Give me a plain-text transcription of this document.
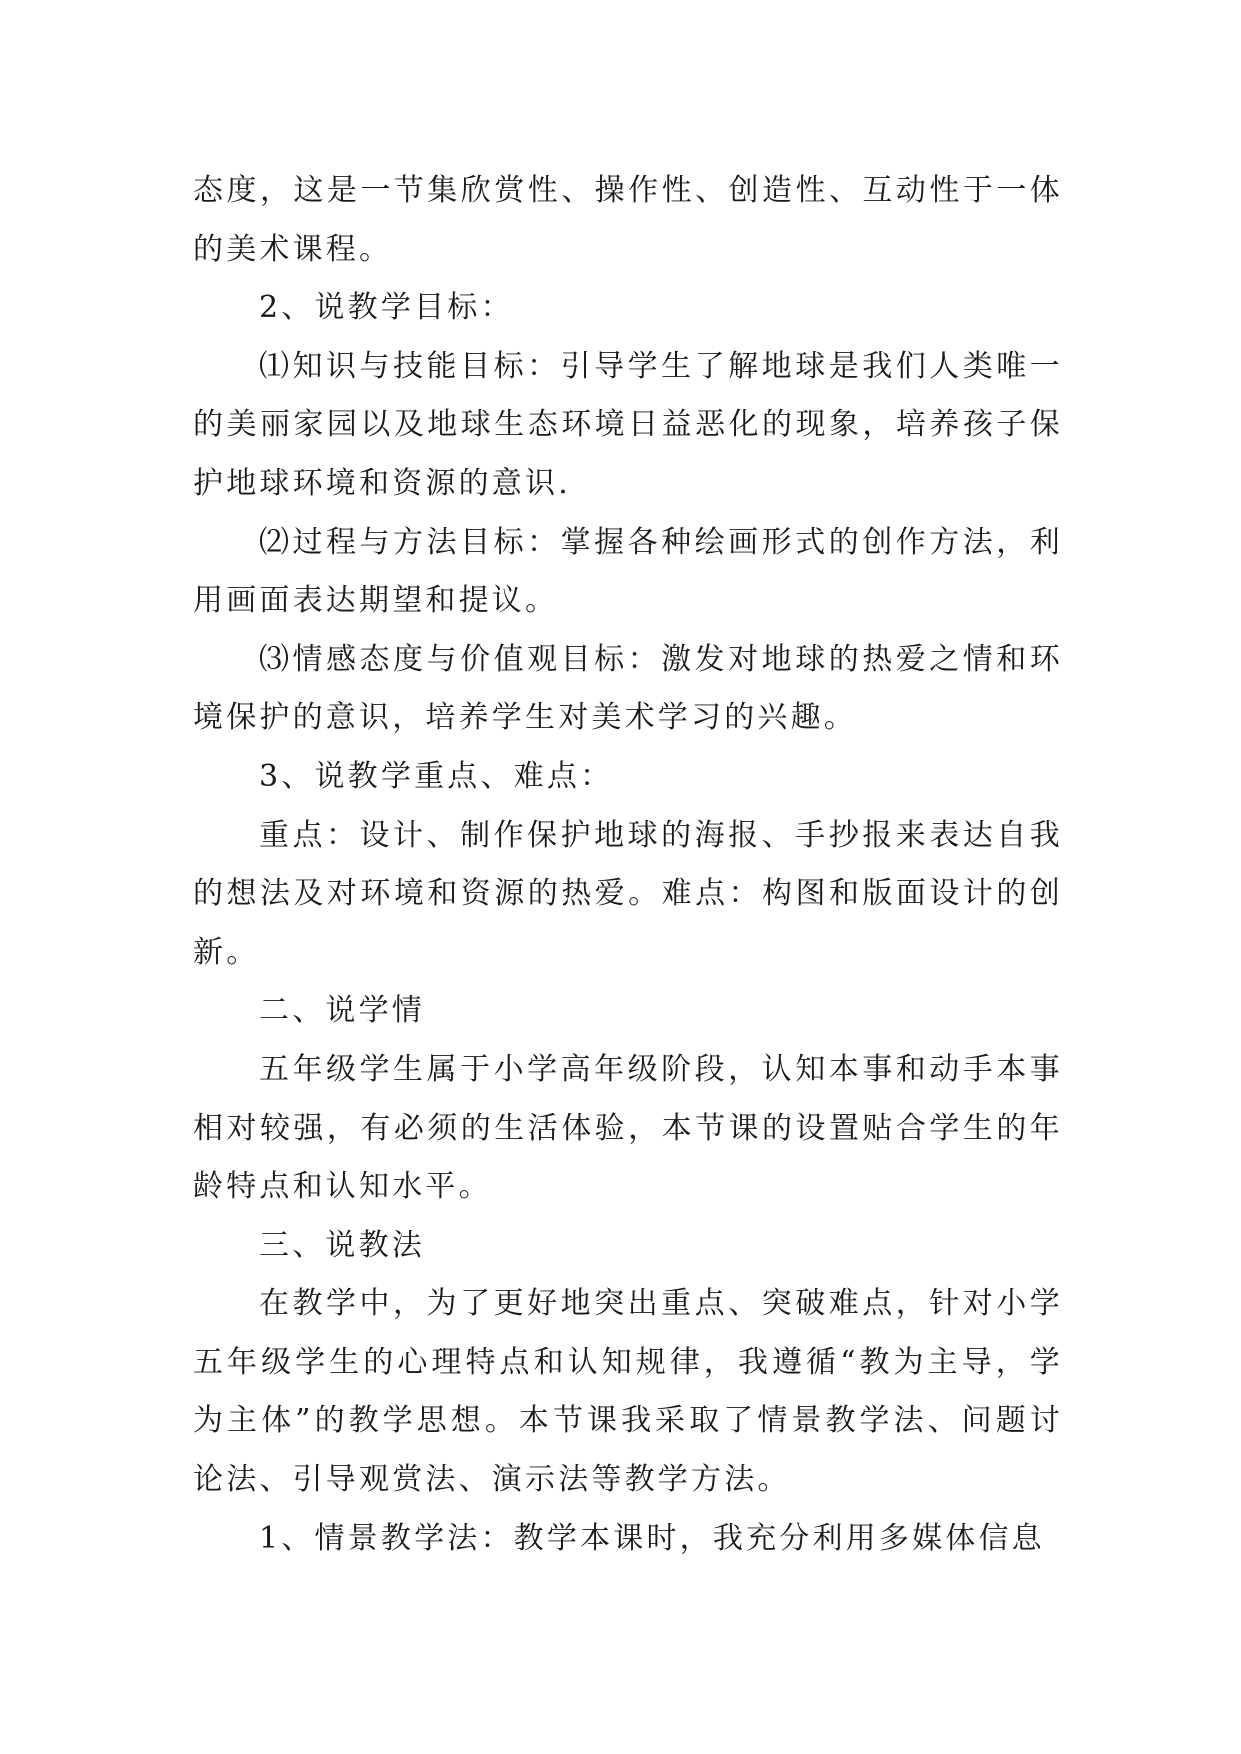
态度，这是一节集欣赏性、操作性、创造性、互动性于一体的美术课程。

2、说教学目标：

⑴知识与技能目标：引导学生了解地球是我们人类唯一的美丽家园以及地球生态环境日益恶化的现象，培养孩子保护地球环境和资源的意识.

⑵过程与方法目标：掌握各种绘画形式的创作方法，利用画面表达期望和提议。

⑶情感态度与价值观目标：激发对地球的热爱之情和环境保护的意识，培养学生对美术学习的兴趣。

3、说教学重点、难点：

重点：设计、制作保护地球的海报、手抄报来表达自我的想法及对环境和资源的热爱。难点：构图和版面设计的创新。

二、说学情

五年级学生属于小学高年级阶段，认知本事和动手本事相对较强，有必须的生活体验，本节课的设置贴合学生的年龄特点和认知水平。

三、说教法

在教学中，为了更好地突出重点、突破难点，针对小学五年级学生的心理特点和认知规律，我遵循“教为主导，学为主体”的教学思想。本节课我采取了情景教学法、问题讨论法、引导观赏法、演示法等教学方法。

1、情景教学法：教学本课时，我充分利用多媒体信息
